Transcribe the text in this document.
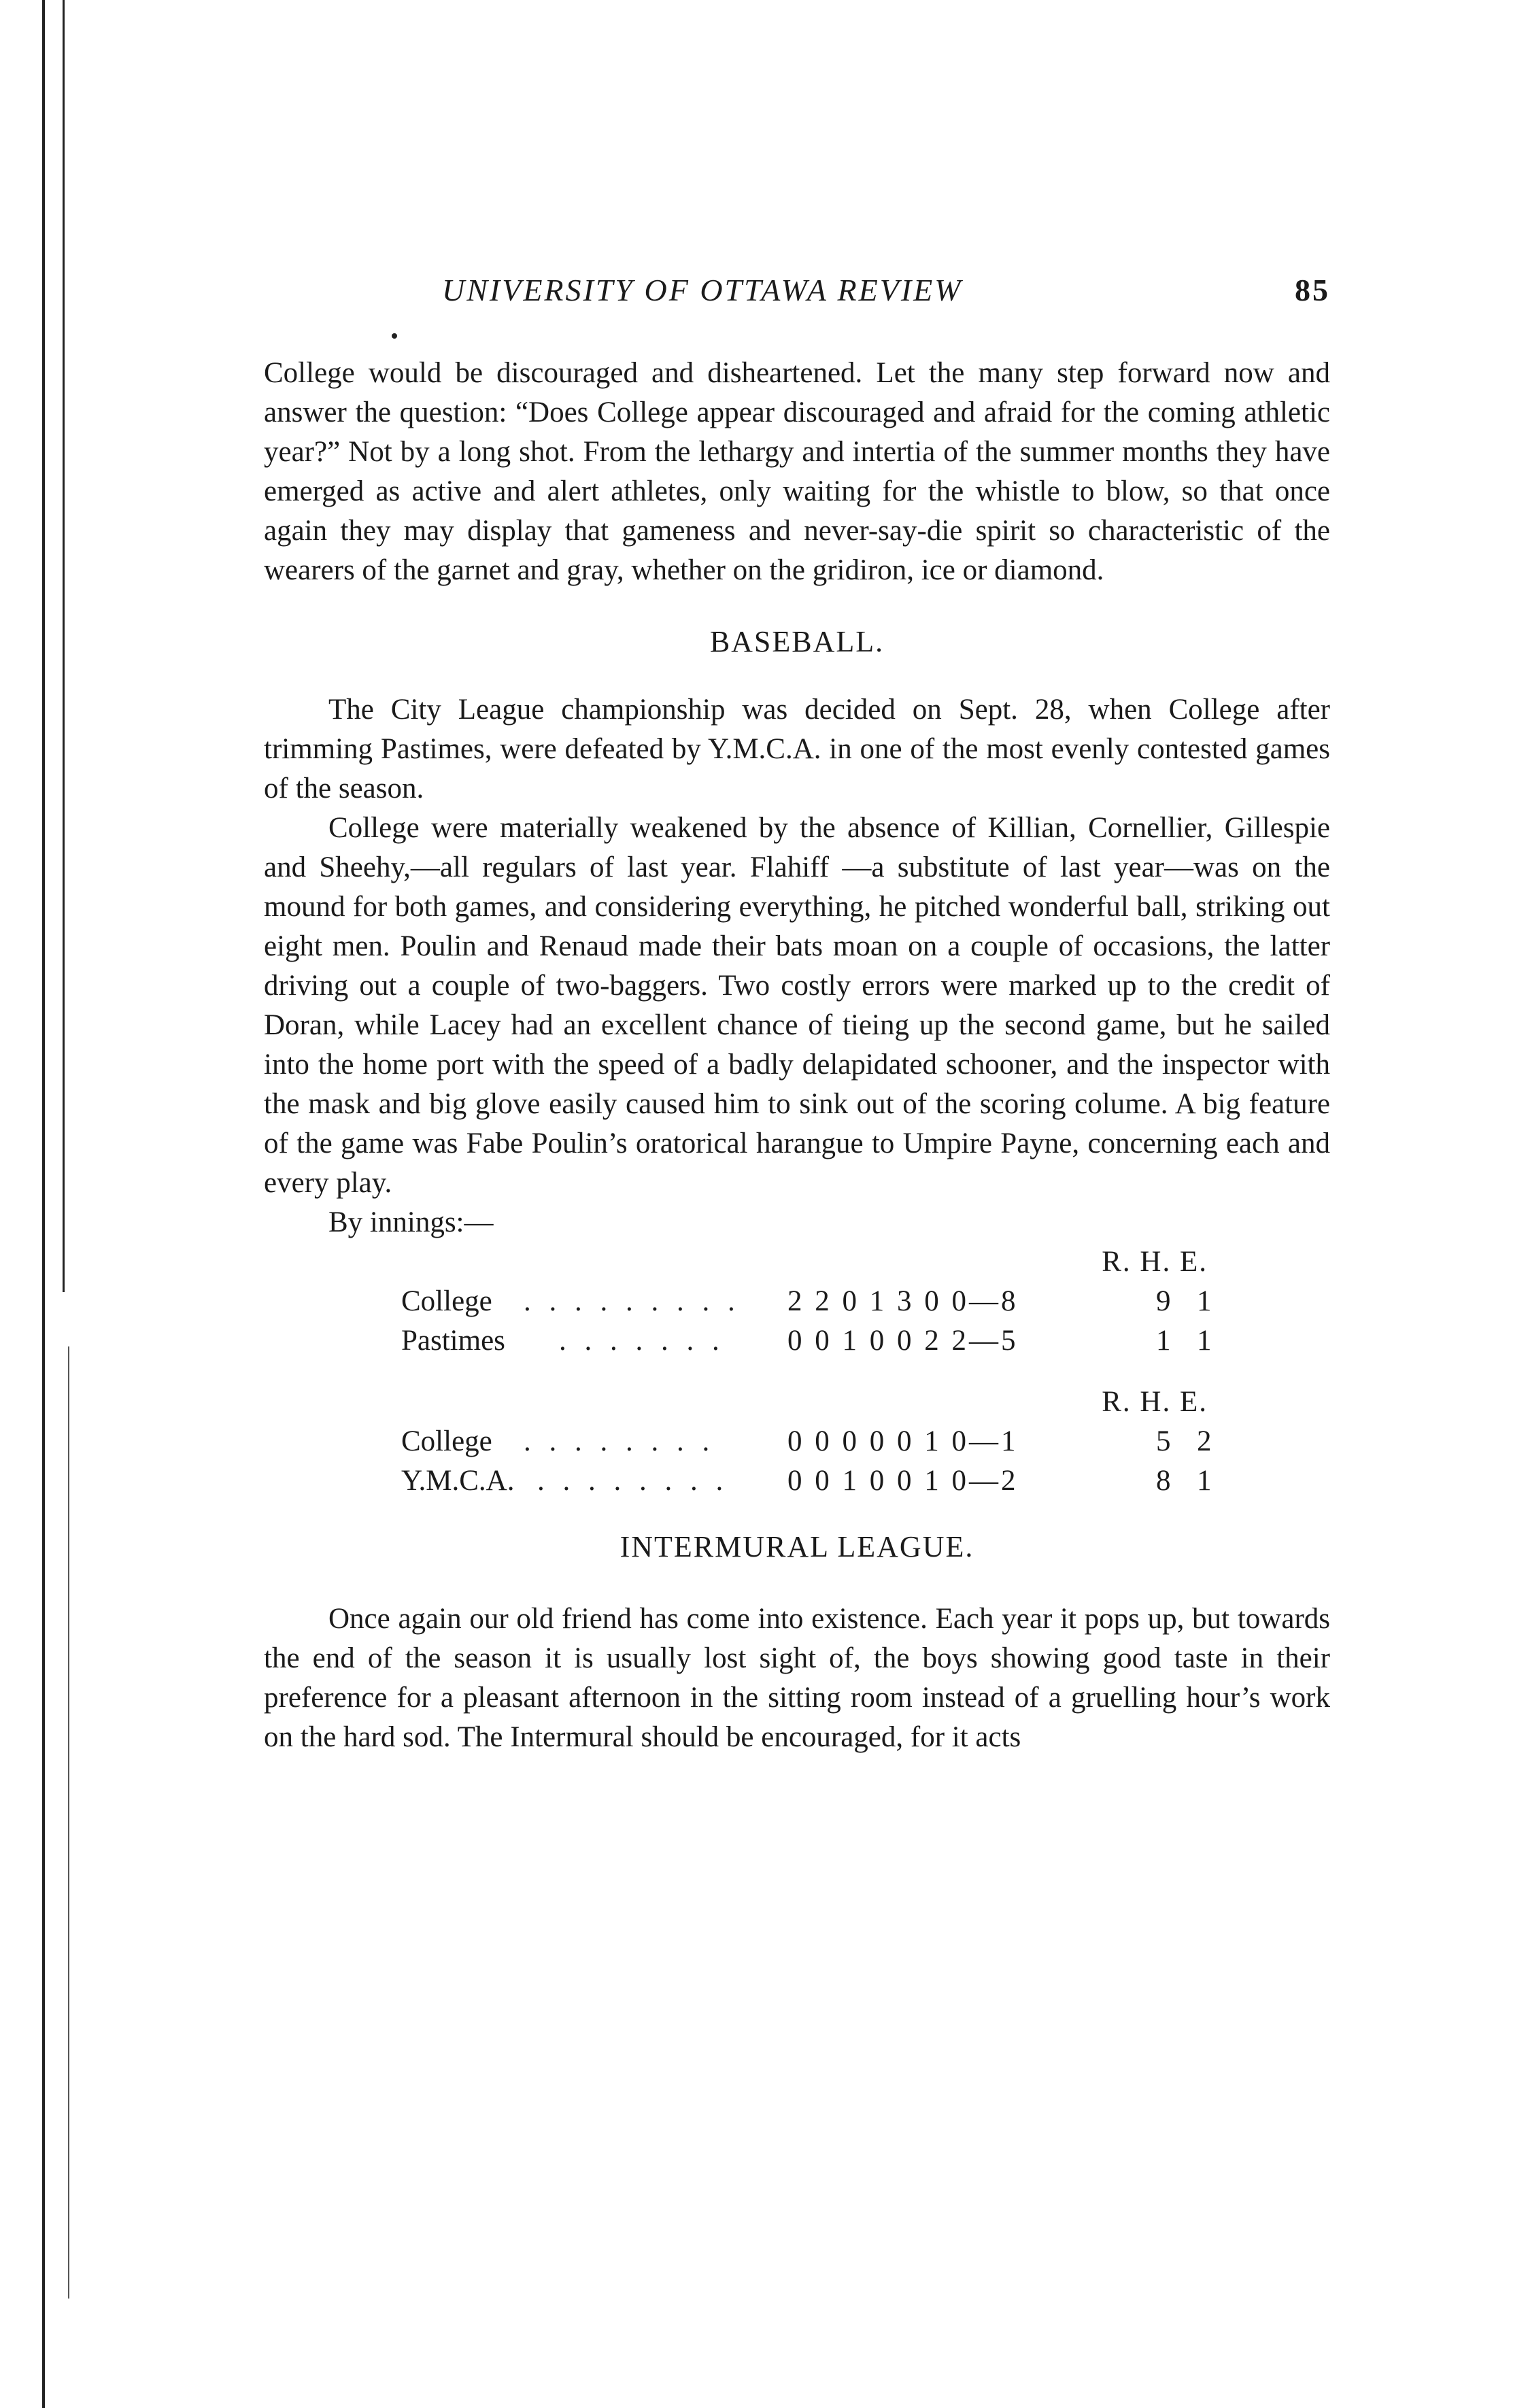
UNIVERSITY OF OTTAWA REVIEW	85

College would be discouraged and disheartened. Let the many step forward now and answer the question: “Does College appear discouraged and afraid for the coming athletic year?” Not by a long shot. From the lethargy and intertia of the summer months they have emerged as active and alert athletes, only waiting for the whistle to blow, so that once again they may display that gameness and never-say-die spirit so characteristic of the wearers of the garnet and gray, whether on the gridiron, ice or diamond.

BASEBALL.

The City League championship was decided on Sept. 28, when College after trimming Pastimes, were defeated by Y.M.C.A. in one of the most evenly contested games of the season.

College were materially weakened by the absence of Killian, Cornellier, Gillespie and Sheehy,—all regulars of last year. Flahiff —a substitute of last year—was on the mound for both games, and considering everything, he pitched wonderful ball, striking out eight men. Poulin and Renaud made their bats moan on a couple of occasions, the latter driving out a couple of two-baggers. Two costly errors were marked up to the credit of Doran, while Lacey had an excellent chance of tieing up the second game, but he sailed into the home port with the speed of a badly delapidated schooner, and the inspector with the mask and big glove easily caused him to sink out of the scoring colume. A big feature of the game was Fabe Poulin’s oratorical harangue to Umpire Payne, concerning each and every play.

By innings:—
R. H. E.
College . . . . . . . . . 2 2 0 1 3 0 0—8	9 1
Pastimes . . . . . . . 0 0 1 0 0 2 2—5	1 1
R. H. E.
College . . . . . . . . 0 0 0 0 0 1 0—1	5 2
Y.M.C.A. . . . . . . . . 0 0 1 0 0 1 0—2	8 1
INTERMURAL LEAGUE.

Once again our old friend has come into existence. Each year it pops up, but towards the end of the season it is usually lost sight of, the boys showing good taste in their preference for a pleasant afternoon in the sitting room instead of a gruelling hour’s work on the hard sod. The Intermural should be encouraged, for it acts
